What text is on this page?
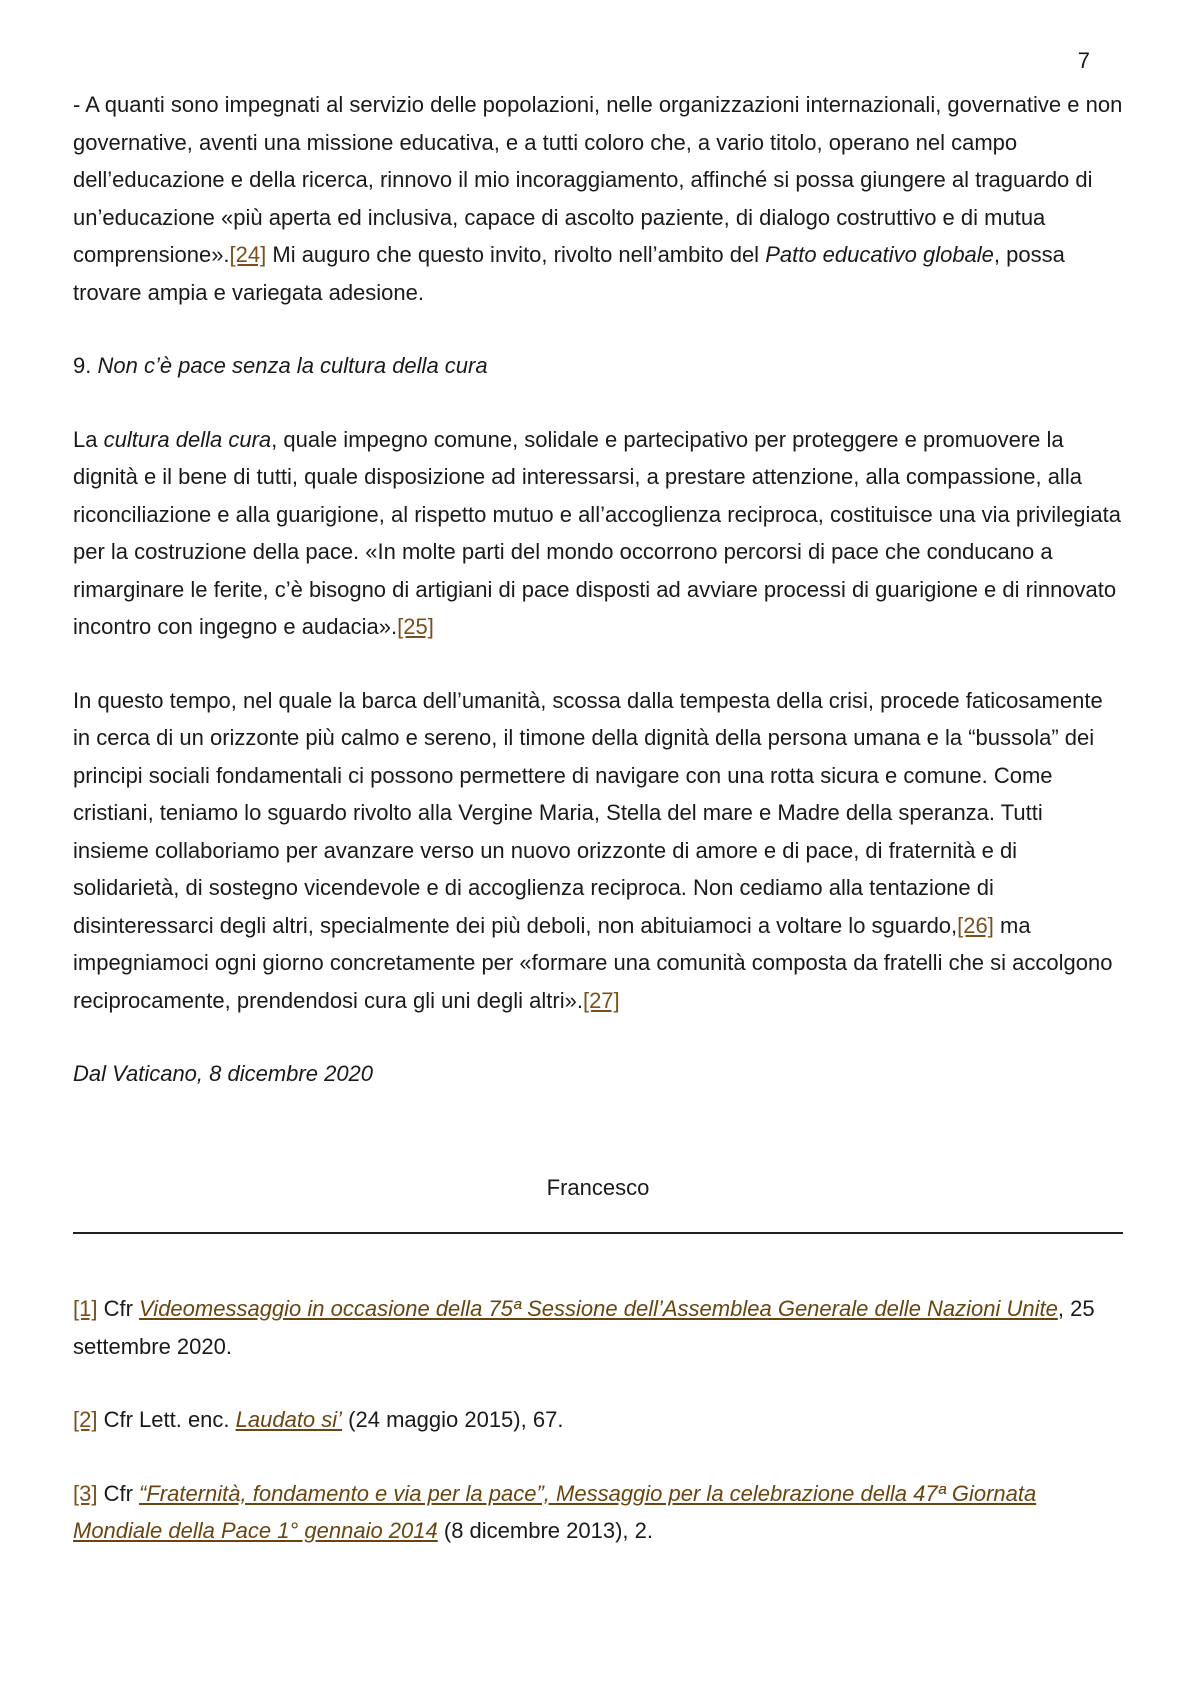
7

- A quanti sono impegnati al servizio delle popolazioni, nelle organizzazioni internazionali, governative e non governative, aventi una missione educativa, e a tutti coloro che, a vario titolo, operano nel campo dell’educazione e della ricerca, rinnovo il mio incoraggiamento, affinché si possa giungere al traguardo di un’educazione «più aperta ed inclusiva, capace di ascolto paziente, di dialogo costruttivo e di mutua comprensione».[24] Mi auguro che questo invito, rivolto nell’ambito del Patto educativo globale, possa trovare ampia e variegata adesione.

9. Non c’è pace senza la cultura della cura

La cultura della cura, quale impegno comune, solidale e partecipativo per proteggere e promuovere la dignità e il bene di tutti, quale disposizione ad interessarsi, a prestare attenzione, alla compassione, alla riconciliazione e alla guarigione, al rispetto mutuo e all’accoglienza reciproca, costituisce una via privilegiata per la costruzione della pace. «In molte parti del mondo occorrono percorsi di pace che conducano a rimarginare le ferite, c’è bisogno di artigiani di pace disposti ad avviare processi di guarigione e di rinnovato incontro con ingegno e audacia».[25]

In questo tempo, nel quale la barca dell’umanità, scossa dalla tempesta della crisi, procede faticosamente in cerca di un orizzonte più calmo e sereno, il timone della dignità della persona umana e la “bussola” dei principi sociali fondamentali ci possono permettere di navigare con una rotta sicura e comune. Come cristiani, teniamo lo sguardo rivolto alla Vergine Maria, Stella del mare e Madre della speranza. Tutti insieme collaboriamo per avanzare verso un nuovo orizzonte di amore e di pace, di fraternità e di solidarietà, di sostegno vicendevole e di accoglienza reciproca. Non cediamo alla tentazione di disinteressarci degli altri, specialmente dei più deboli, non abituiamoci a voltare lo sguardo,[26] ma impegniamoci ogni giorno concretamente per «formare una comunità composta da fratelli che si accolgono reciprocamente, prendendosi cura gli uni degli altri».[27]

Dal Vaticano, 8 dicembre 2020

Francesco
[1] Cfr Videomessaggio in occasione della 75ª Sessione dell’Assemblea Generale delle Nazioni Unite, 25 settembre 2020.
[2] Cfr Lett. enc. Laudato si’ (24 maggio 2015), 67.
[3] Cfr “Fraternità, fondamento e via per la pace”, Messaggio per la celebrazione della 47ª Giornata Mondiale della Pace 1° gennaio 2014 (8 dicembre 2013), 2.
